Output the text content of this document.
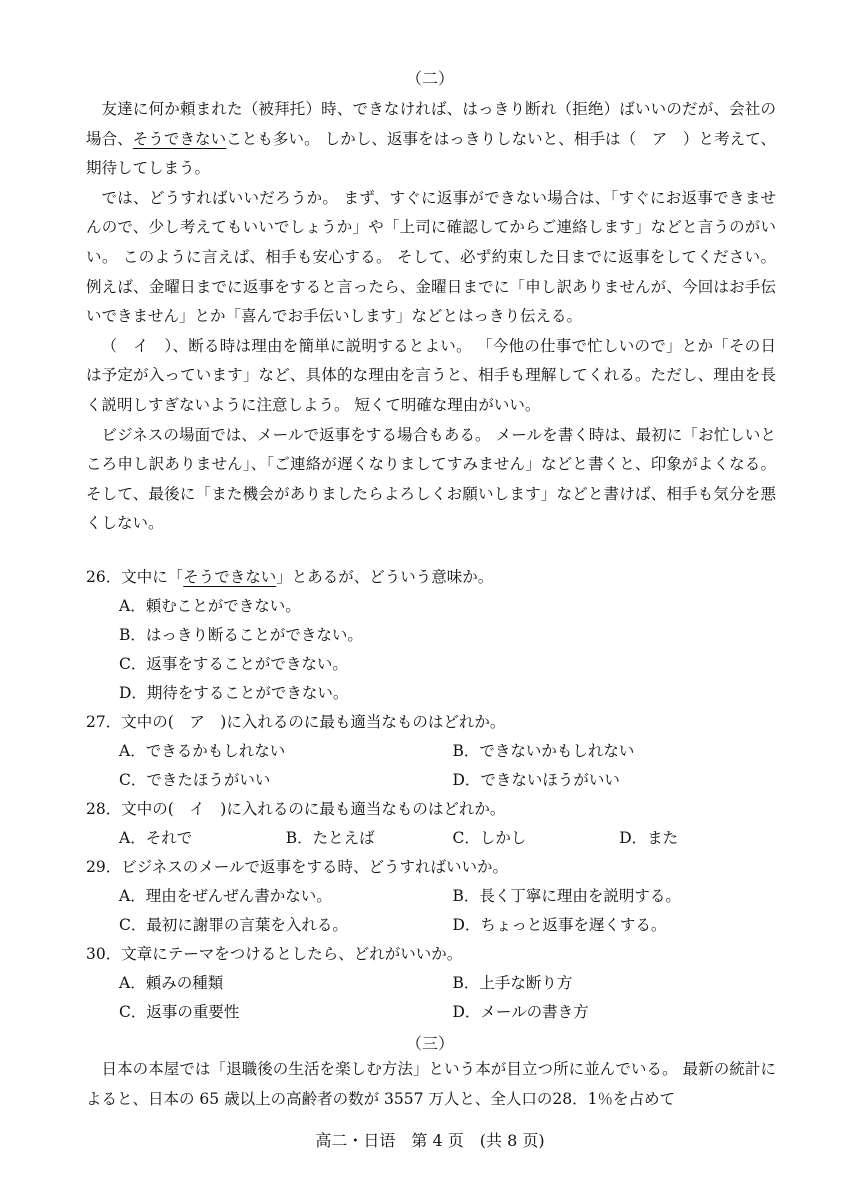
（二）

友達に何か頼まれた（被拜托）時、できなければ、はっきり断れ（拒绝）ばいいのだが、会社の場合、そうできないことも多い。 しかし、返事をはっきりしないと、相手は（　ア　）と考えて、期待してしまう。

では、どうすればいいだろうか。 まず、すぐに返事ができない場合は、「すぐにお返事できませんので、少し考えてもいいでしょうか」や「上司に確認してからご連絡します」などと言うのがいい。 このように言えば、相手も安心する。 そして、必ず約束した日までに返事をしてください。 例えば、金曜日までに返事をすると言ったら、金曜日までに「申し訳ありませんが、今回はお手伝いできません」とか「喜んでお手伝いします」などとはっきり伝える。

（　イ　）、断る時は理由を簡単に説明するとよい。 「今他の仕事で忙しいので」とか「その日は予定が入っています」など、具体的な理由を言うと、相手も理解してくれる。ただし、理由を長く説明しすぎないように注意しよう。 短くて明確な理由がいい。

ビジネスの場面では、メールで返事をする場合もある。 メールを書く時は、最初に「お忙しいところ申し訳ありません」、「ご連絡が遅くなりましてすみません」などと書くと、印象がよくなる。 そして、最後に「また機会がありましたらよろしくお願いします」などと書けば、相手も気分を悪くしない。

26．文中に「そうできない」とあるが、どういう意味か。
A．頼むことができない。
B．はっきり断ることができない。
C．返事をすることができない。
D．期待をすることができない。
27．文中の(　ア　)に入れるのに最も適当なものはどれか。
A．できるかもしれない	B．できないかもしれない
C．できたほうがいい	D．できないほうがいい
28．文中の(　イ　)に入れるのに最も適当なものはどれか。
A．それで	B．たとえば	C．しかし	D．また
29．ビジネスのメールで返事をする時、どうすればいいか。
A．理由をぜんぜん書かない。	B．長く丁寧に理由を説明する。
C．最初に謝罪の言葉を入れる。	D．ちょっと返事を遅くする。
30．文章にテーマをつけるとしたら、どれがいいか。
A．頼みの種類	B．上手な断り方
C．返事の重要性	D．メールの書き方
（三）

日本の本屋では「退職後の生活を楽しむ方法」という本が目立つ所に並んでいる。 最新の統計によると、日本の 65 歳以上の高齢者の数が 3557 万人と、全人口の28．1％を占めて

高二・日语　第 4 页　(共 8 页)
